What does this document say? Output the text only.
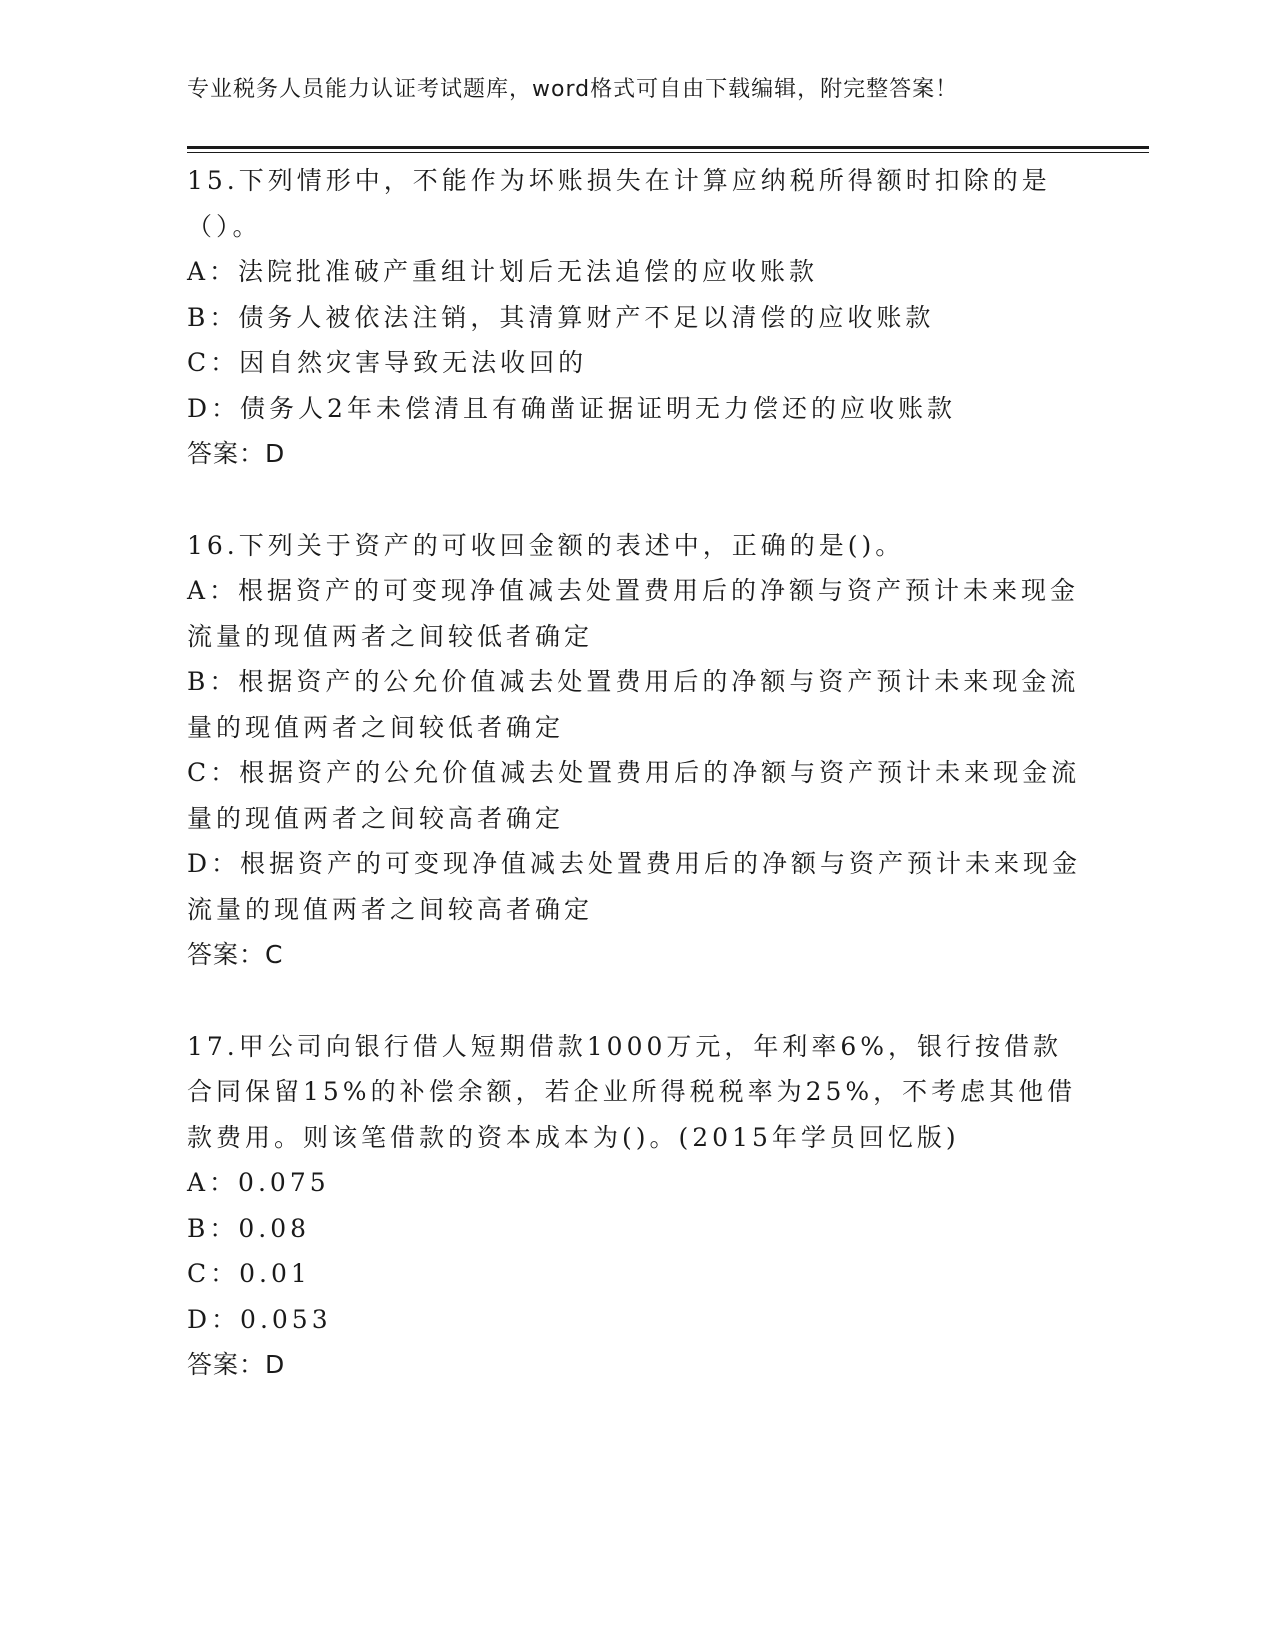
专业税务人员能力认证考试题库，word格式可自由下载编辑，附完整答案！
15.下列情形中，不能作为坏账损失在计算应纳税所得额时扣除的是（）。
A：法院批准破产重组计划后无法追偿的应收账款
B：债务人被依法注销，其清算财产不足以清偿的应收账款
C：因自然灾害导致无法收回的
D：债务人2年未偿清且有确凿证据证明无力偿还的应收账款
答案：D
16.下列关于资产的可收回金额的表述中，正确的是()。
A：根据资产的可变现净值减去处置费用后的净额与资产预计未来现金流量的现值两者之间较低者确定
B：根据资产的公允价值减去处置费用后的净额与资产预计未来现金流量的现值两者之间较低者确定
C：根据资产的公允价值减去处置费用后的净额与资产预计未来现金流量的现值两者之间较高者确定
D：根据资产的可变现净值减去处置费用后的净额与资产预计未来现金流量的现值两者之间较高者确定
答案：C
17.甲公司向银行借人短期借款1000万元，年利率6%，银行按借款合同保留15%的补偿余额，若企业所得税税率为25%，不考虑其他借款费用。则该笔借款的资本成本为()。(2015年学员回忆版)
A：0.075
B：0.08
C：0.01
D：0.053
答案：D
